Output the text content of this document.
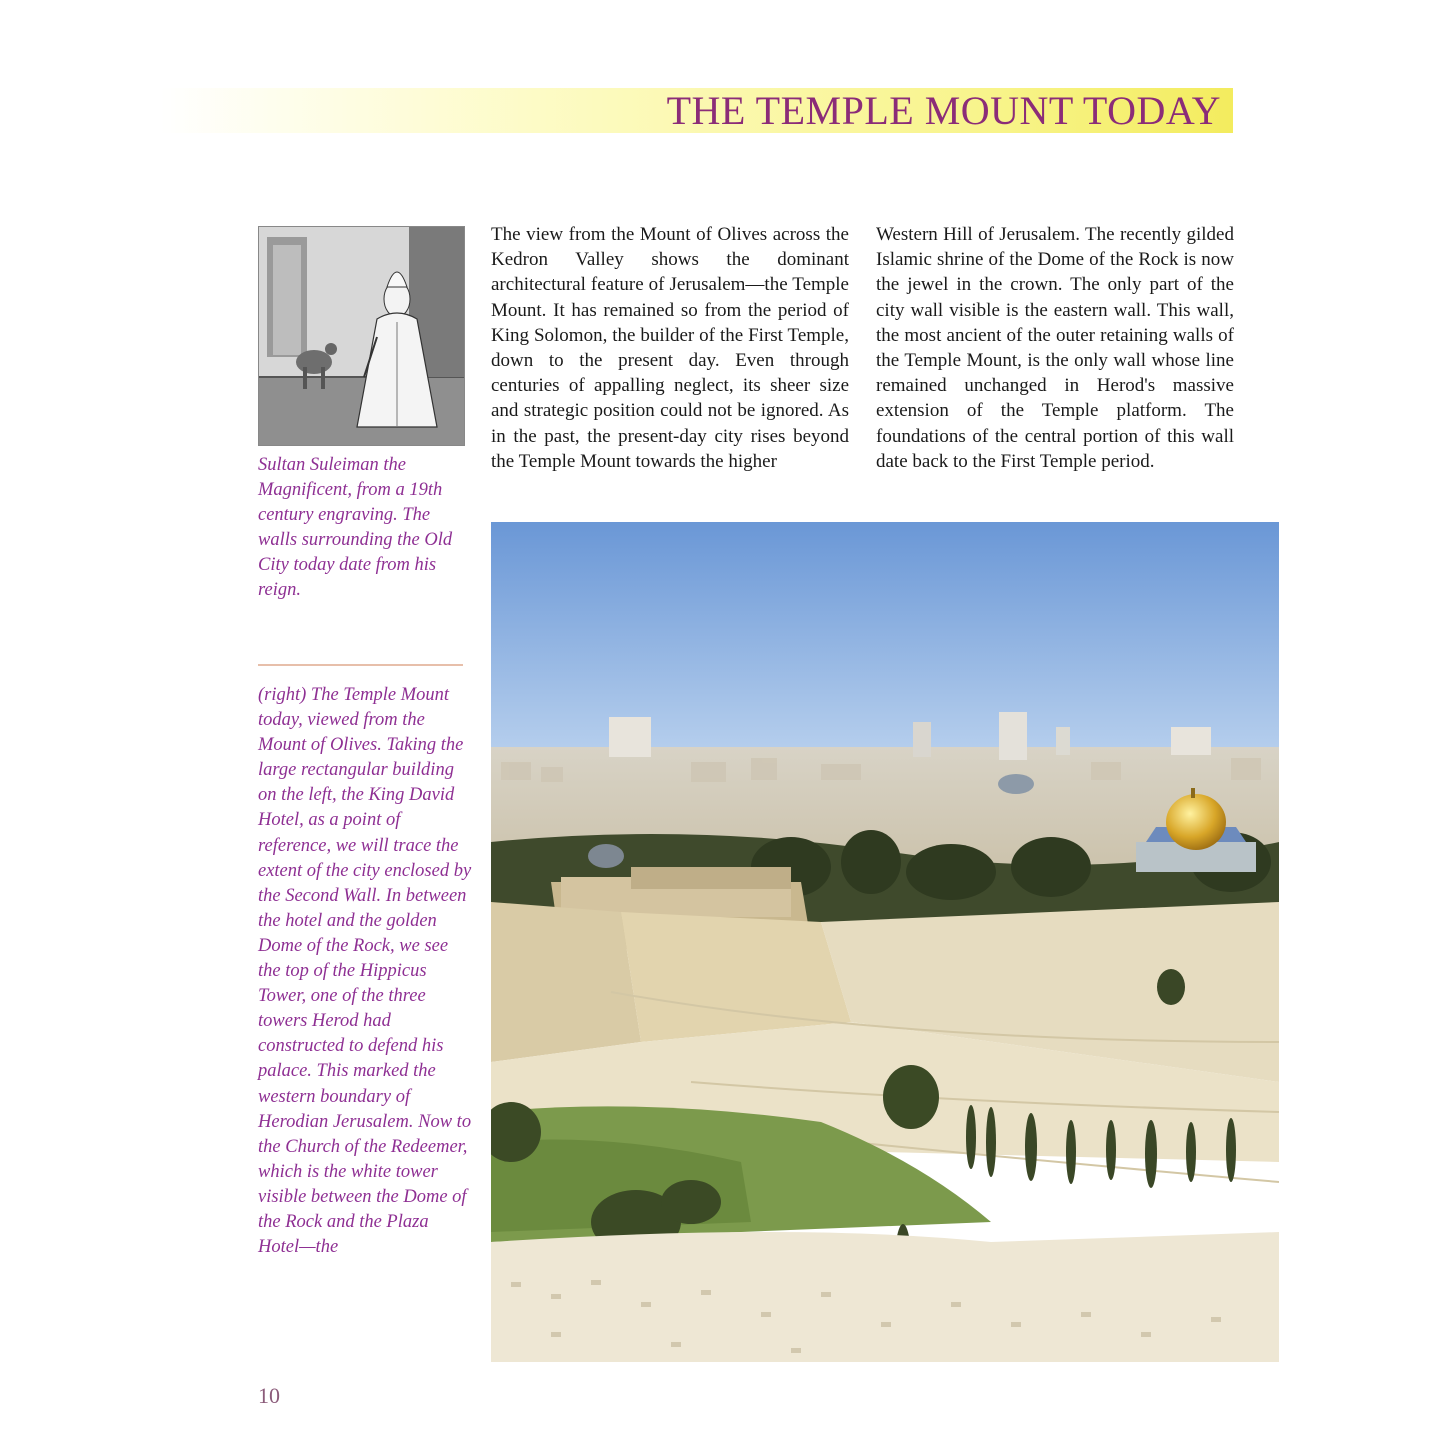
THE TEMPLE MOUNT TODAY

Sultan Suleiman the Magnificent, from a 19th century engraving. The walls surrounding the Old City today date from his reign.

(right) The Temple Mount today, viewed from the Mount of Olives. Taking the large rectangular building on the left, the King David Hotel, as a point of reference, we will trace the extent of the city enclosed by the Second Wall. In between the hotel and the golden Dome of the Rock, we see the top of the Hippicus Tower, one of the three towers Herod had constructed to defend his palace. This marked the western boundary of Herodian Jerusalem. Now to the Church of the Redeemer, which is the white tower visible between the Dome of the Rock and the Plaza Hotel—the

The view from the Mount of Olives across the Kedron Valley shows the dominant architectural feature of Jerusalem—the Temple Mount. It has remained so from the period of King Solomon, the builder of the First Temple, down to the present day. Even through centuries of appalling neglect, its sheer size and strategic position could not be ignored. As in the past, the present-day city rises beyond the Temple Mount towards the higher

Western Hill of Jerusalem. The recently gilded Islamic shrine of the Dome of the Rock is now the jewel in the crown. The only part of the city wall visible is the eastern wall. This wall, the most ancient of the outer retaining walls of the Temple Mount, is the only wall whose line remained unchanged in Herod's massive extension of the Temple platform. The foundations of the central portion of this wall date back to the First Temple period.

10
